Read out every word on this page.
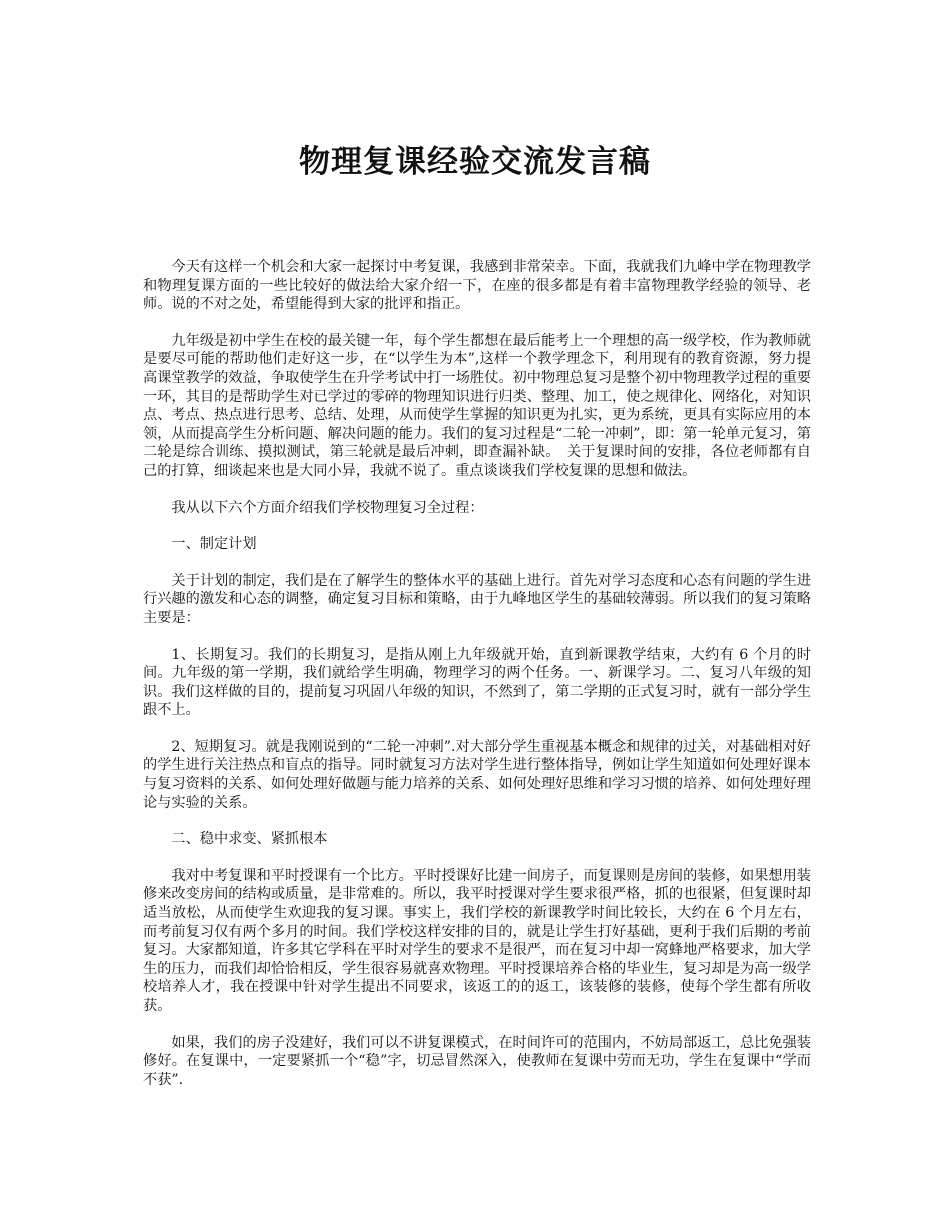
物理复课经验交流发言稿

今天有这样一个机会和大家一起探讨中考复课，我感到非常荣幸。下面，我就我们九峰中学在物理教学和物理复课方面的一些比较好的做法给大家介绍一下，在座的很多都是有着丰富物理教学经验的领导、老师。说的不对之处，希望能得到大家的批评和指正。

九年级是初中学生在校的最关键一年，每个学生都想在最后能考上一个理想的高一级学校，作为教师就是要尽可能的帮助他们走好这一步，在“以学生为本”,这样一个教学理念下，利用现有的教育资源，努力提高课堂教学的效益，争取使学生在升学考试中打一场胜仗。初中物理总复习是整个初中物理教学过程的重要一环，其目的是帮助学生对已学过的零碎的物理知识进行归类、整理、加工，使之规律化、网络化，对知识点、考点、热点进行思考、总结、处理，从而使学生掌握的知识更为扎实，更为系统，更具有实际应用的本领，从而提高学生分析问题、解决问题的能力。我们的复习过程是“二轮一冲刺”，即：第一轮单元复习，第二轮是综合训练、摸拟测试，第三轮就是最后冲刺，即查漏补缺。　关于复课时间的安排，各位老师都有自己的打算，细谈起来也是大同小异，我就不说了。重点谈谈我们学校复课的思想和做法。

我从以下六个方面介绍我们学校物理复习全过程：

一、制定计划

关于计划的制定，我们是在了解学生的整体水平的基础上进行。首先对学习态度和心态有问题的学生进行兴趣的激发和心态的调整，确定复习目标和策略，由于九峰地区学生的基础较薄弱。所以我们的复习策略主要是：

1、长期复习。我们的长期复习，是指从刚上九年级就开始，直到新课教学结束，大约有 6 个月的时间。九年级的第一学期，我们就给学生明确，物理学习的两个任务。一、新课学习。二、复习八年级的知识。我们这样做的目的，提前复习巩固八年级的知识，不然到了，第二学期的正式复习时，就有一部分学生跟不上。

2、短期复习。就是我刚说到的“二轮一冲刺”.对大部分学生重视基本概念和规律的过关，对基础相对好的学生进行关注热点和盲点的指导。同时就复习方法对学生进行整体指导，例如让学生知道如何处理好课本与复习资料的关系、如何处理好做题与能力培养的关系、如何处理好思维和学习习惯的培养、如何处理好理论与实验的关系。

二、稳中求变、紧抓根本

我对中考复课和平时授课有一个比方。平时授课好比建一间房子，而复课则是房间的装修，如果想用装修来改变房间的结构或质量，是非常难的。所以，我平时授课对学生要求很严格，抓的也很紧，但复课时却适当放松，从而使学生欢迎我的复习课。事实上，我们学校的新课教学时间比较长，大约在 6 个月左右，而考前复习仅有两个多月的时间。我们学校这样安排的目的，就是让学生打好基础，更利于我们后期的考前复习。大家都知道，许多其它学科在平时对学生的要求不是很严，而在复习中却一窝蜂地严格要求，加大学生的压力，而我们却恰恰相反，学生很容易就喜欢物理。平时授课培养合格的毕业生，复习却是为高一级学校培养人才，我在授课中针对学生提出不同要求，该返工的的返工，该装修的装修，使每个学生都有所收获。

如果，我们的房子没建好，我们可以不讲复课模式，在时间许可的范围内，不妨局部返工，总比免强装修好。在复课中，一定要紧抓一个“稳”字，切忌冒然深入，使教师在复课中劳而无功，学生在复课中“学而不获”.
